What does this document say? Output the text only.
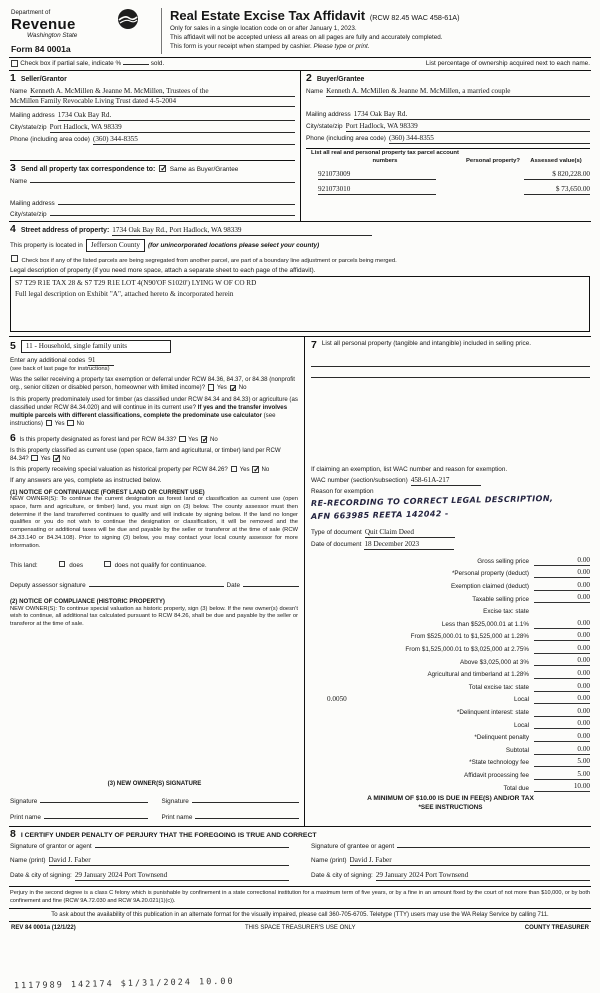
Department of
Revenue
Washington State
Form 84 0001a
Real Estate Excise Tax Affidavit (RCW 82.45 WAC 458-61A)
Only for sales in a single location code on or after January 1, 2023.
This affidavit will not be accepted unless all areas on all pages are fully and accurately completed.
This form is your receipt when stamped by cashier. Please type or print.
Check box if partial sale, indicate %	sold.	List percentage of ownership acquired next to each name.
1 Seller/Grantor
Name Kenneth A. McMillen & Jeanne M. McMillen, Trustees of the
McMillen Family Revocable Living Trust dated 4-5-2004
Mailing address 1734 Oak Bay Rd.
City/state/zip Port Hadlock, WA 98339
Phone (including area code) (360) 344-8355
3 Send all property tax correspondence to: ✓ Same as Buyer/Grantee
Name
Mailing address
City/state/zip
2 Buyer/Grantee
Name Kenneth A. McMillen & Jeanne M. McMillen, a married couple
Mailing address 1734 Oak Bay Rd.
City/state/zip Port Hadlock, WA 98339
Phone (including area code) (360) 344-8355
List all real and personal property tax parcel account numbers	Personal property?	Assessed value(s)
921073009	$ 820,228.00
921073010	$ 73,650.00
4 Street address of property: 1734 Oak Bay Rd., Port Hadlock, WA 98339
This property is located in	Jefferson County	(for unincorporated locations please select your county)
Check box if any of the listed parcels are being segregated from another parcel, are part of a boundary line adjustment or parcels being merged.
Legal description of property (if you need more space, attach a separate sheet to each page of the affidavit).
S7 T29 R1E TAX 28 & S7 T29 R1E LOT 4(N90'OF S1020') LYING W OF CO RD
Full legal description on Exhibit "A", attached hereto & incorporated herein
5	11 - Household, single family units
Enter any additional codes 91
(see back of last page for instructions)
Was the seller receiving a property tax exemption or deferral under RCW 84.36, 84.37, or 84.38 (nonprofit org., senior citizen or disabled person, homeowner with limited income)? Yes ✓ No
Is this property predominately used for timber (as classified under RCW 84.34 and 84.33) or agriculture (as classified under RCW 84.34.020) and will continue in its current use? If yes and the transfer involves multiple parcels with different classifications, complete the predominate use calculator (see instructions) Yes No
6 Is this property designated as forest land per RCW 84.33? Yes ✓ No
Is this property classified as current use (open space, farm and agricultural, or timber) land per RCW 84.34? Yes ✓ No
Is this property receiving special valuation as historical property per RCW 84.26? Yes ✓ No
If any answers are yes, complete as instructed below.
(1) NOTICE OF CONTINUANCE (FOREST LAND OR CURRENT USE)
NEW OWNER(S): To continue the current designation as forest land or classification as current use (open space, farm and agriculture, or timber) land, you must sign on (3) below. The county assessor must then determine if the land transferred continues to qualify and will indicate by signing below. If the land no longer qualifies or you do not wish to continue the designation or classification, it will be removed and the compensating or additional taxes will be due and payable by the seller or transferor at the time of sale (RCW 84.33.140 or 84.34.108). Prior to signing (3) below, you may contact your local county assessor for more information.
This land:	does	does not qualify for continuance.
Deputy assessor signature	Date
(2) NOTICE OF COMPLIANCE (HISTORIC PROPERTY)
NEW OWNER(S): To continue special valuation as historic property, sign (3) below. If the new owner(s) doesn't wish to continue, all additional tax calculated pursuant to RCW 84.26, shall be due and payable by the seller or transferor at the time of sale.
(3) NEW OWNER(S) SIGNATURE
Signature	Signature
Print name	Print name
7 List all personal property (tangible and intangible) included in selling price.
If claiming an exemption, list WAC number and reason for exemption.
WAC number (section/subsection) 458-61A-217
Reason for exemption
RE-RECORDING TO CORRECT LEGAL DESCRIPTION,
AFN 663985 REETA 142042 -
Type of document Quit Claim Deed
Date of document 18 December 2023
Gross selling price	0.00
*Personal property (deduct)	0.00
Exemption claimed (deduct)	0.00
Taxable selling price	0.00
Excise tax: state
Less than $525,000.01 at 1.1%	0.00
From $525,000.01 to $1,525,000 at 1.28%	0.00
From $1,525,000.01 to $3,025,000 at 2.75%	0.00
Above $3,025,000 at 3%	0.00
Agricultural and timberland at 1.28%	0.00
Total excise tax: state	0.00
0.0050	Local	0.00
*Delinquent interest: state	0.00
Local	0.00
*Delinquent penalty	0.00
Subtotal	0.00
*State technology fee	5.00
Affidavit processing fee	5.00
Total due	10.00
A MINIMUM OF $10.00 IS DUE IN FEE(S) AND/OR TAX
*SEE INSTRUCTIONS
8 I CERTIFY UNDER PENALTY OF PERJURY THAT THE FOREGOING IS TRUE AND CORRECT
Signature of grantor or agent
Name (print) David J. Faber
Date & city of signing: 29 January 2024 Port Townsend
Signature of grantee or agent
Name (print) David J. Faber
Date & city of signing: 29 January 2024 Port Townsend
Perjury in the second degree is a class C felony which is punishable by confinement in a state correctional institution for a maximum term of five years, or by a fine in an amount fixed by the court of not more than $10,000, or by both confinement and fine (RCW 9A.72.030 and RCW 9A.20.021(1)(c)).
To ask about the availability of this publication in an alternate format for the visually impaired, please call 360-705-6705. Teletype (TTY) users may use the WA Relay Service by calling 711.
REV 84 0001a (12/1/22)	THIS SPACE TREASURER'S USE ONLY	COUNTY TREASURER
1117989 142174 $1/31/2024 10.00
